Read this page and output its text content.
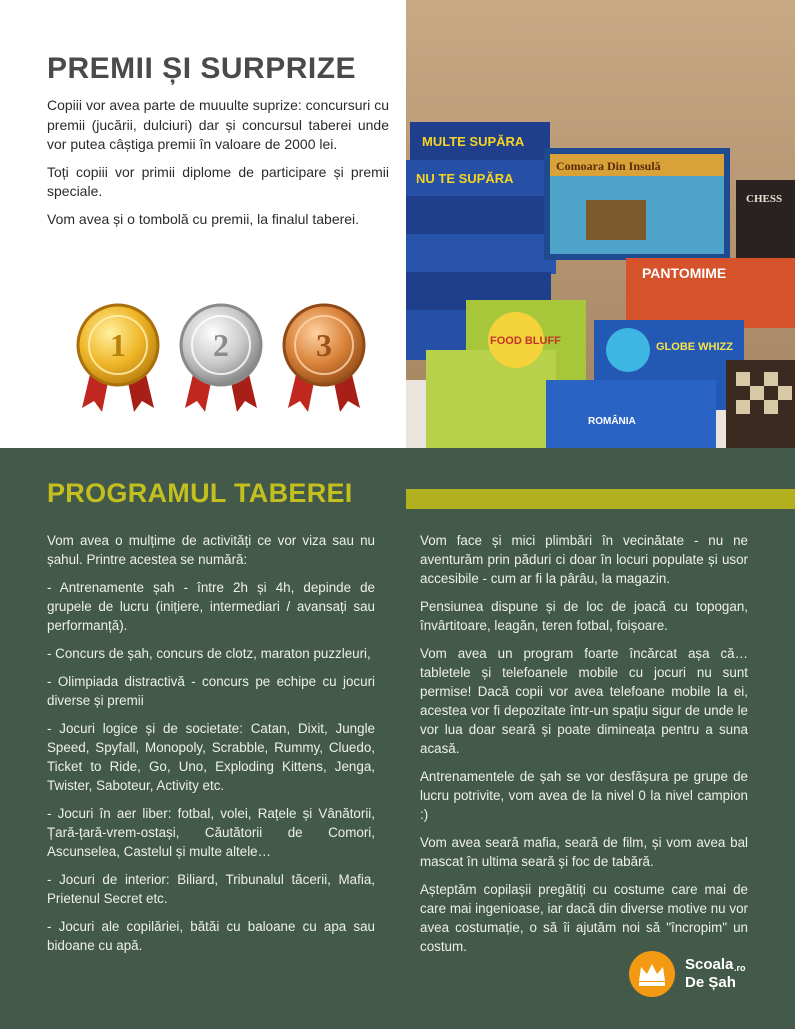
PREMII ȘI SURPRIZE

Copiii vor avea parte de muuulte suprize: concursuri cu premii (jucării, dulciuri) dar și concursul taberei unde vor putea câștiga premii în valoare de 2000 lei.

Toți copiii vor primii diplome de participare și premii speciale.

Vom avea și o tombolă cu premii, la finalul taberei.

1	2	3
MULTE SUPĂRA
NU TE SUPĂRA
Comoara Din Insulă
CHESS
PANTOMIME
FOOD BLUFF	GLOBE WHIZZ
ROMÂNIA
PROGRAMUL TABEREI

Vom avea o mulțime de activități ce vor viza sau nu șahul. Printre acestea se numără:

- Antrenamente șah - între 2h și 4h, depinde de grupele de lucru (inițiere, intermediari / avansați sau performanță).

- Concurs de șah, concurs de clotz, maraton puzzleuri,

- Olimpiada distractivă - concurs pe echipe cu jocuri diverse și premii

- Jocuri logice și de societate: Catan, Dixit, Jungle Speed, Spyfall, Monopoly, Scrabble, Rummy, Cluedo, Ticket to Ride, Go, Uno, Exploding Kittens, Jenga, Twister, Saboteur, Activity etc.

- Jocuri în aer liber: fotbal, volei, Rațele și Vânătorii, Țară-țară-vrem-ostași, Căutătorii de Comori, Ascunselea, Castelul și multe altele…

- Jocuri de interior: Biliard, Tribunalul tăcerii, Mafia, Prietenul Secret etc.

- Jocuri ale copilăriei, bătăi cu baloane cu apa sau bidoane cu apă.

Vom face și mici plimbări în vecinătate - nu ne aventurăm prin păduri ci doar în locuri populate și usor accesibile - cum ar fi la pârâu, la magazin.

Pensiunea dispune și de loc de joacă cu topogan, învârtitoare, leagăn, teren fotbal, foișoare.

Vom avea un program foarte încărcat așa că…tabletele și telefoanele mobile cu jocuri nu sunt permise! Dacă copii vor avea telefoane mobile la ei, acestea vor fi depozitate într-un spațiu sigur de unde le vor lua doar seară și poate dimineața pentru a suna acasă.

Antrenamentele de șah se vor desfășura pe grupe de lucru potrivite, vom avea de la nivel 0 la nivel campion :)

Vom avea seară mafia, seară de film, și vom avea bal mascat în ultima seară și foc de tabără.

Așteptăm copilașii pregătiți cu costume care mai de care mai ingenioase, iar dacă din diverse motive nu vor avea costumație, o să îi ajutăm noi să "încropim" un costum.

Scoala
De Șah
.ro
